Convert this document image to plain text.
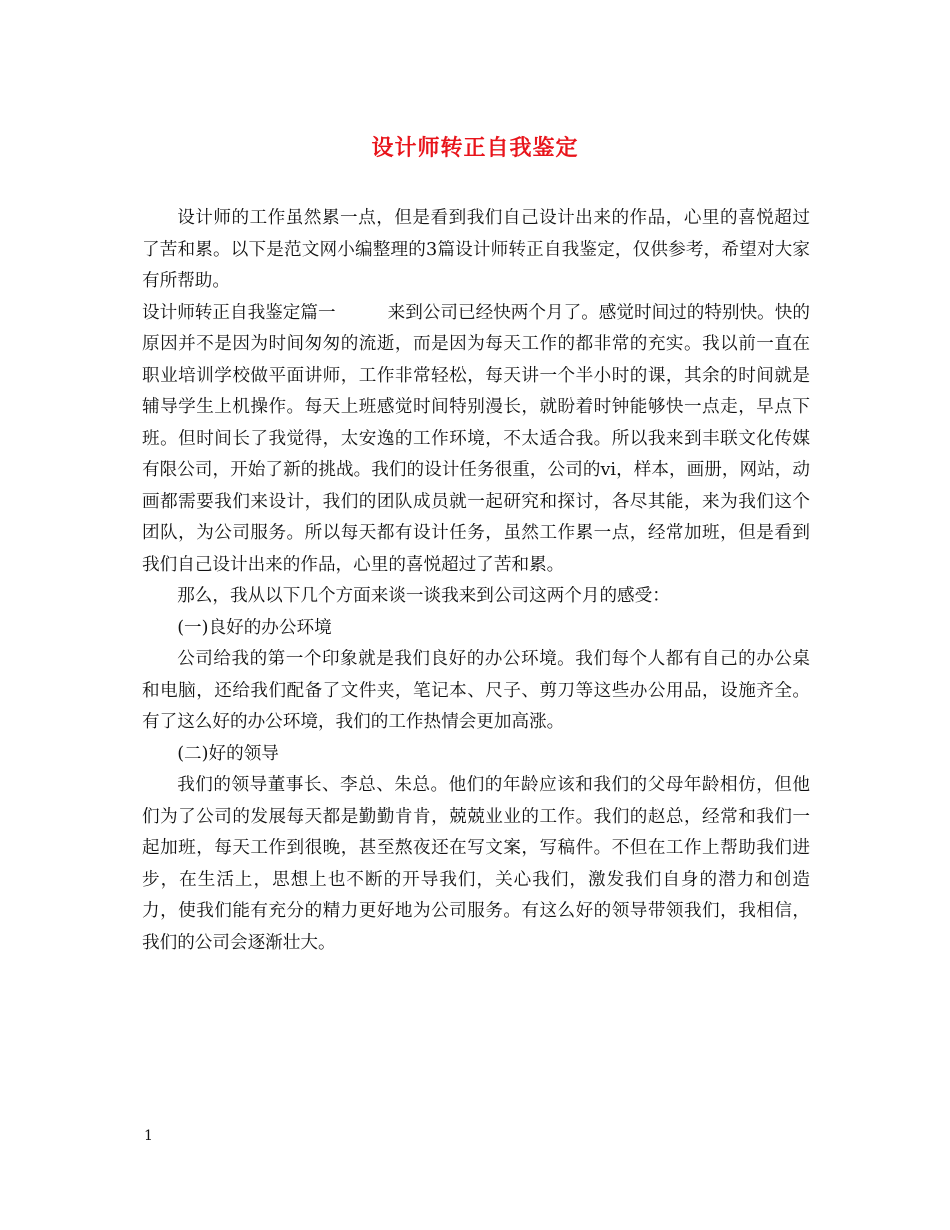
设计师转正自我鉴定

设计师的工作虽然累一点，但是看到我们自己设计出来的作品，心里的喜悦超过了苦和累。以下是范文网小编整理的3篇设计师转正自我鉴定，仅供参考，希望对大家有所帮助。

设计师转正自我鉴定篇一	来到公司已经快两个月了。感觉时间过的特别快。快的原因并不是因为时间匆匆的流逝，而是因为每天工作的都非常的充实。我以前一直在职业培训学校做平面讲师，工作非常轻松，每天讲一个半小时的课，其余的时间就是辅导学生上机操作。每天上班感觉时间特别漫长，就盼着时钟能够快一点走，早点下班。但时间长了我觉得，太安逸的工作环境，不太适合我。所以我来到丰联文化传媒有限公司，开始了新的挑战。我们的设计任务很重，公司的vi，样本，画册，网站，动画都需要我们来设计，我们的团队成员就一起研究和探讨，各尽其能，来为我们这个团队，为公司服务。所以每天都有设计任务，虽然工作累一点，经常加班，但是看到我们自己设计出来的作品，心里的喜悦超过了苦和累。

那么，我从以下几个方面来谈一谈我来到公司这两个月的感受：

(一)良好的办公环境

公司给我的第一个印象就是我们良好的办公环境。我们每个人都有自己的办公桌和电脑，还给我们配备了文件夹，笔记本、尺子、剪刀等这些办公用品，设施齐全。有了这么好的办公环境，我们的工作热情会更加高涨。

(二)好的领导

我们的领导董事长、李总、朱总。他们的年龄应该和我们的父母年龄相仿，但他们为了公司的发展每天都是勤勤肯肯，兢兢业业的工作。我们的赵总，经常和我们一起加班，每天工作到很晚，甚至熬夜还在写文案，写稿件。不但在工作上帮助我们进步，在生活上，思想上也不断的开导我们，关心我们，激发我们自身的潜力和创造力，使我们能有充分的精力更好地为公司服务。有这么好的领导带领我们，我相信，我们的公司会逐渐壮大。

1
